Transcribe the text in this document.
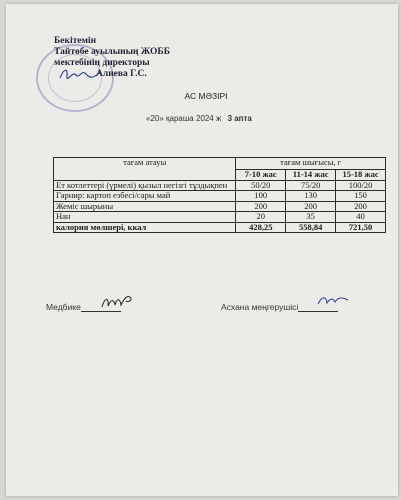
Бекітемін
Тайтөбе ауылының ЖОББ
мектебінің директоры
Алиева Г.С.
АС МӘЗІРІ
«20» қараша 2024 ж 3 апта
тағам атауы	тағам шығысы, г		
	7-10 жас	11-14 жас	15-18 жас
Ет котлеттері (үрмелі) қызыл негізгі тұздықпен	50/20	75/20	100/20
Гарнир: картоп езбесі/сары май	100	130	150
Жеміс шырыны	200	200	200
Нан	20	35	40
калория мөлшері, ккал	428,25	558,84	721,50
Медбике	Асхана меңгерушісі
